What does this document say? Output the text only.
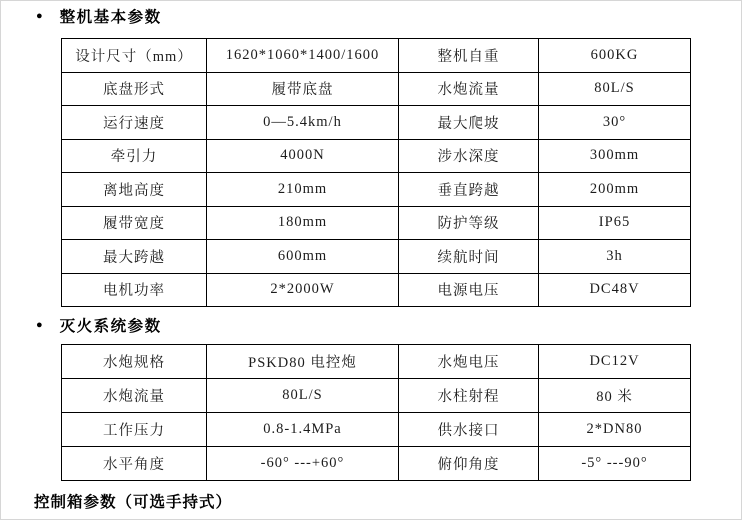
● 整机基本参数
设计尺寸（mm）	1620*1060*1400/1600	整机自重	600KG
底盘形式	履带底盘	水炮流量	80L/S
运行速度	0—5.4km/h	最大爬坡	30°
牵引力	4000N	涉水深度	300mm
离地高度	210mm	垂直跨越	200mm
履带宽度	180mm	防护等级	IP65
最大跨越	600mm	续航时间	3h
电机功率	2*2000W	电源电压	DC48V
● 灭火系统参数
水炮规格	PSKD80 电控炮	水炮电压	DC12V
水炮流量	80L/S	水柱射程	80 米
工作压力	0.8-1.4MPa	供水接口	2*DN80
水平角度	-60° ---+60°	俯仰角度	-5° ---90°
控制箱参数（可选手持式）
